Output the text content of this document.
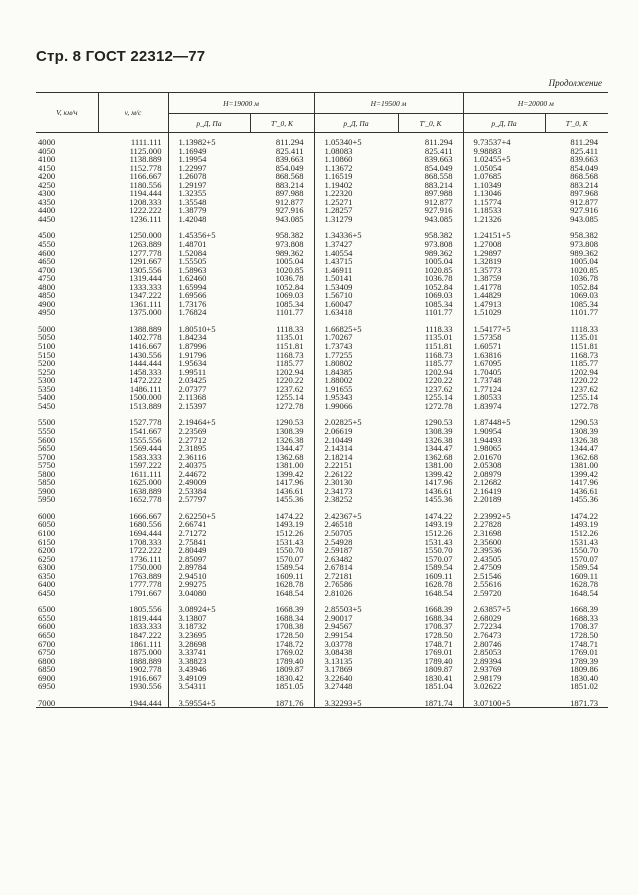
Стр. 8 ГОСТ 22312—77
Продолжение
V, км/ч	v, м/с	H=19000 м		H=19500 м		H=20000 м	
		p_Д, Па	T'_0, К	p_Д, Па	T'_0, К	p_Д, Па	T'_0, К
4000	1111.111	1.13982+5	811.294	1.05340+5	811.294	9.73537+4	811.294
4050	1125.000	1.16949	825.411	1.08083	825.411	9.98883	825.411
4100	1138.889	1.19954	839.663	1.10860	839.663	1.02455+5	839.663
4150	1152.778	1.22997	854.049	1.13672	854.049	1.05054	854.049
4200	1166.667	1.26078	868.568	1.16519	868.558	1.07685	868.568
4250	1180.556	1.29197	883.214	1.19402	883.214	1.10349	883.214
4300	1194.444	1.32355	897.988	1.22320	897.988	1.13046	897.968
4350	1208.333	1.35548	912.877	1.25271	912.877	1.15774	912.877
4400	1222.222	1.38779	927.916	1.28257	927.916	1.18533	927.916
4450	1236.111	1.42048	943.085	1.31279	943.085	1.21326	943.085

4500	1250.000	1.45356+5	958.382	1.34336+5	958.382	1.24151+5	958.382
4550	1263.889	1.48701	973.808	1.37427	973.808	1.27008	973.808
4600	1277.778	1.52084	989.362	1.40554	989.362	1.29897	989.362
4650	1291.667	1.55505	1005.04	1.43715	1005.04	1.32819	1005.04
4700	1305.556	1.58963	1020.85	1.46911	1020.85	1.35773	1020.85
4750	1319.444	1.62460	1036.78	1.50141	1036.78	1.38759	1036.78
4800	1333.333	1.65994	1052.84	1.53409	1052.84	1.41778	1052.84
4850	1347.222	1.69566	1069.03	1.56710	1069.03	1.44829	1069.03
4900	1361.111	1.73176	1085.34	1.60047	1085.34	1.47913	1085.34
4950	1375.000	1.76824	1101.77	1.63418	1101.77	1.51029	1101.77

5000	1388.889	1.80510+5	1118.33	1.66825+5	1118.33	1.54177+5	1118.33
5050	1402.778	1.84234	1135.01	1.70267	1135.01	1.57358	1135.01
5100	1416.667	1.87996	1151.81	1.73743	1151.81	1.60571	1151.81
5150	1430.556	1.91796	1168.73	1.77255	1168.73	1.63816	1168.73
5200	1444.444	1.95634	1185.77	1.80802	1185.77	1.67095	1185.77
5250	1458.333	1.99511	1202.94	1.84385	1202.94	1.70405	1202.94
5300	1472.222	2.03425	1220.22	1.88002	1220.22	1.73748	1220.22
5350	1486.111	2.07377	1237.62	1.91655	1237.62	1.77124	1237.62
5400	1500.000	2.11368	1255.14	1.95343	1255.14	1.80533	1255.14
5450	1513.889	2.15397	1272.78	1.99066	1272.78	1.83974	1272.78

5500	1527.778	2.19464+5	1290.53	2.02825+5	1290.53	1.87448+5	1290.53
5550	1541.667	2.23569	1308.39	2.06619	1308.39	1.90954	1308.39
5600	1555.556	2.27712	1326.38	2.10449	1326.38	1.94493	1326.38
5650	1569.444	2.31895	1344.47	2.14314	1344.47	1.98065	1344.47
5700	1583.333	2.36116	1362.68	2.18214	1362.68	2.01670	1362.68
5750	1597.222	2.40375	1381.00	2.22151	1381.00	2.05308	1381.00
5800	1611.111	2.44672	1399.42	2.26122	1399.42	2.08979	1399.42
5850	1625.000	2.49009	1417.96	2.30130	1417.96	2.12682	1417.96
5900	1638.889	2.53384	1436.61	2.34173	1436.61	2.16419	1436.61
5950	1652.778	2.57797	1455.36	2.38252	1455.36	2.20189	1455.36

6000	1666.667	2.62250+5	1474.22	2.42367+5	1474.22	2.23992+5	1474.22
6050	1680.556	2.66741	1493.19	2.46518	1493.19	2.27828	1493.19
6100	1694.444	2.71272	1512.26	2.50705	1512.26	2.31698	1512.26
6150	1708.333	2.75841	1531.43	2.54928	1531.43	2.35600	1531.43
6200	1722.222	2.80449	1550.70	2.59187	1550.70	2.39536	1550.70
6250	1736.111	2.85097	1570.07	2.63482	1570.07	2.43505	1570.07
6300	1750.000	2.89784	1589.54	2.67814	1589.54	2.47509	1589.54
6350	1763.889	2.94510	1609.11	2.72181	1609.11	2.51546	1609.11
6400	1777.778	2.99275	1628.78	2.76586	1628.78	2.55616	1628.78
6450	1791.667	3.04080	1648.54	2.81026	1648.54	2.59720	1648.54

6500	1805.556	3.08924+5	1668.39	2.85503+5	1668.39	2.63857+5	1668.39
6550	1819.444	3.13807	1688.34	2.90017	1688.34	2.68029	1688.33
6600	1833.333	3.18732	1708.38	2.94567	1708.37	2.72234	1708.37
6650	1847.222	3.23695	1728.50	2.99154	1728.50	2.76473	1728.50
6700	1861.111	3.28698	1748.72	3.03778	1748.71	2.80746	1748.71
6750	1875.000	3.33741	1769.02	3.08438	1769.01	2.85053	1769.01
6800	1888.889	3.38823	1789.40	3.13135	1789.40	2.89394	1789.39
6850	1902.778	3.43946	1809.87	3.17869	1809.87	2.93769	1809.86
6900	1916.667	3.49109	1830.42	3.22640	1830.41	2.98179	1830.40
6950	1930.556	3.54311	1851.05	3.27448	1851.04	3.02622	1851.02

7000	1944.444	3.59554+5	1871.76	3.32293+5	1871.74	3.07100+5	1871.73
